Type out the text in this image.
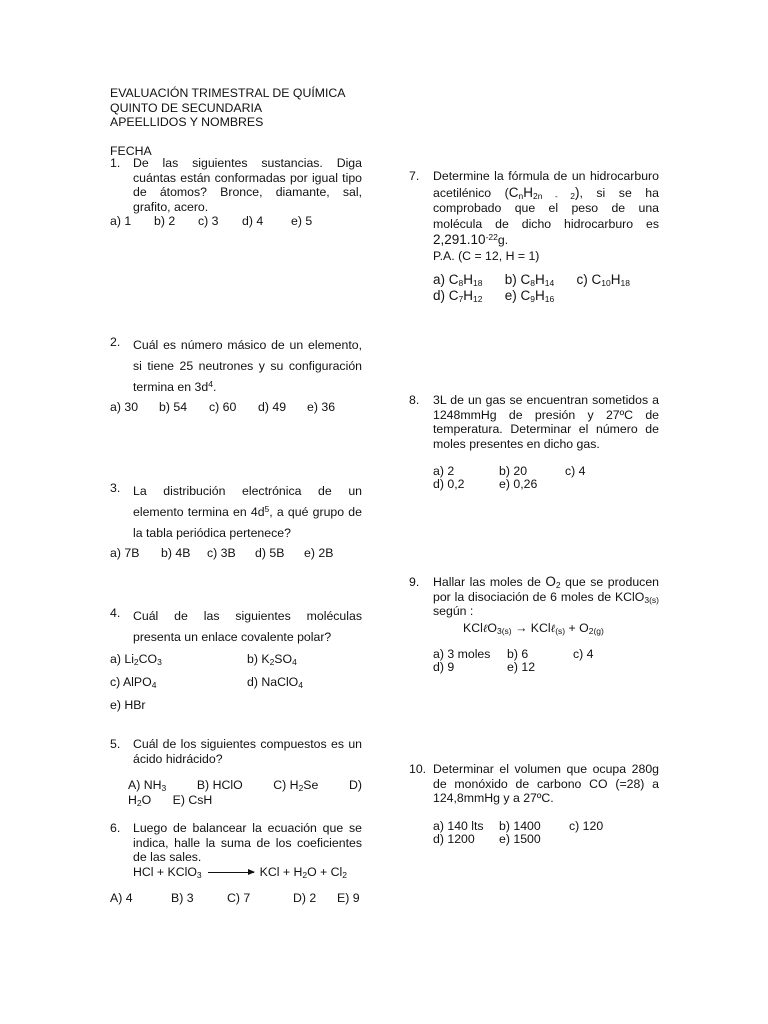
EVALUACIÓN TRIMESTRAL DE QUÍMICA
QUINTO DE SECUNDARIA
APEELLIDOS Y NOMBRES
FECHA
1.	De las siguientes sustancias. Diga cuántas están conformadas por igual tipo de átomos? Bronce, diamante, sal, grafito, acero.
a) 1 b) 2 c) 3 d) 4 e) 5
2.	Cuál es número másico de un elemento, si tiene 25 neutrones y su configuración termina en $3d^4$.
a) 30 b) 54 c) 60 d) 49 e) 36
3.	La distribución electrónica de un elemento termina en $4d^5$, a qué grupo de la tabla periódica pertenece?
a) 7B b) 4B c) 3B d) 5B e) 2B
4.	Cuál de las siguientes moléculas presenta un enlace covalente polar?
a) $Li_2CO_3$	b) $K_2SO_4$
c) AlPO$_4$	d) NaClO$_4$
e) HBr
5.	Cuál de los siguientes compuestos es un ácido hidrácido?
A) $NH_3$ B) HClO C) $H_2Se$ D)
$H_2O$ E) CsH
6.	Luego de balancear la ecuación que se indica, halle la suma de los coeficientes de las sales.
HCl + KClO$_3$	KCl + $H_2O + Cl_2$
A) 4	B) 3	C) 7	D) 2 E) 9
7.	Determine la fórmula de un hidrocarburo acetilénico $(C_nH_{2n - 2})$, si se ha comprobado que el peso de una molécula de dicho hidrocarburo es $2,291.10^{-22}g$.
P.A. (C = 12, H = 1)
a) $C_8H_{18}$ b) $C_8H_{14}$ c) $C_{10}H_{18}$
d) $C_7H_{12}$ e) $C_9H_{16}$
8.	3L de un gas se encuentran sometidos a 1248mmHg de presión y 27ºC de temperatura. Determinar el número de moles presentes en dicho gas.
a) 2	b) 20	c) 4
d) 0,2	e) 0,26
9.	Hallar las moles de $O_2$ que se producen por la disociación de 6 moles de KClO$_{3(s)}$ según :
KClℓO$_{3(s)}$ → KClℓ$_{(s)}$ + $O_{2(g)}$
a) 3 moles	b) 6	c) 4
d) 9	e) 12
10. Determinar el volumen que ocupa 280g de monóxido de carbono CO (=28) a 124,8mmHg y a 27ºC.
a) 140 lts	b) 1400	c) 120
d) 1200	e) 1500
